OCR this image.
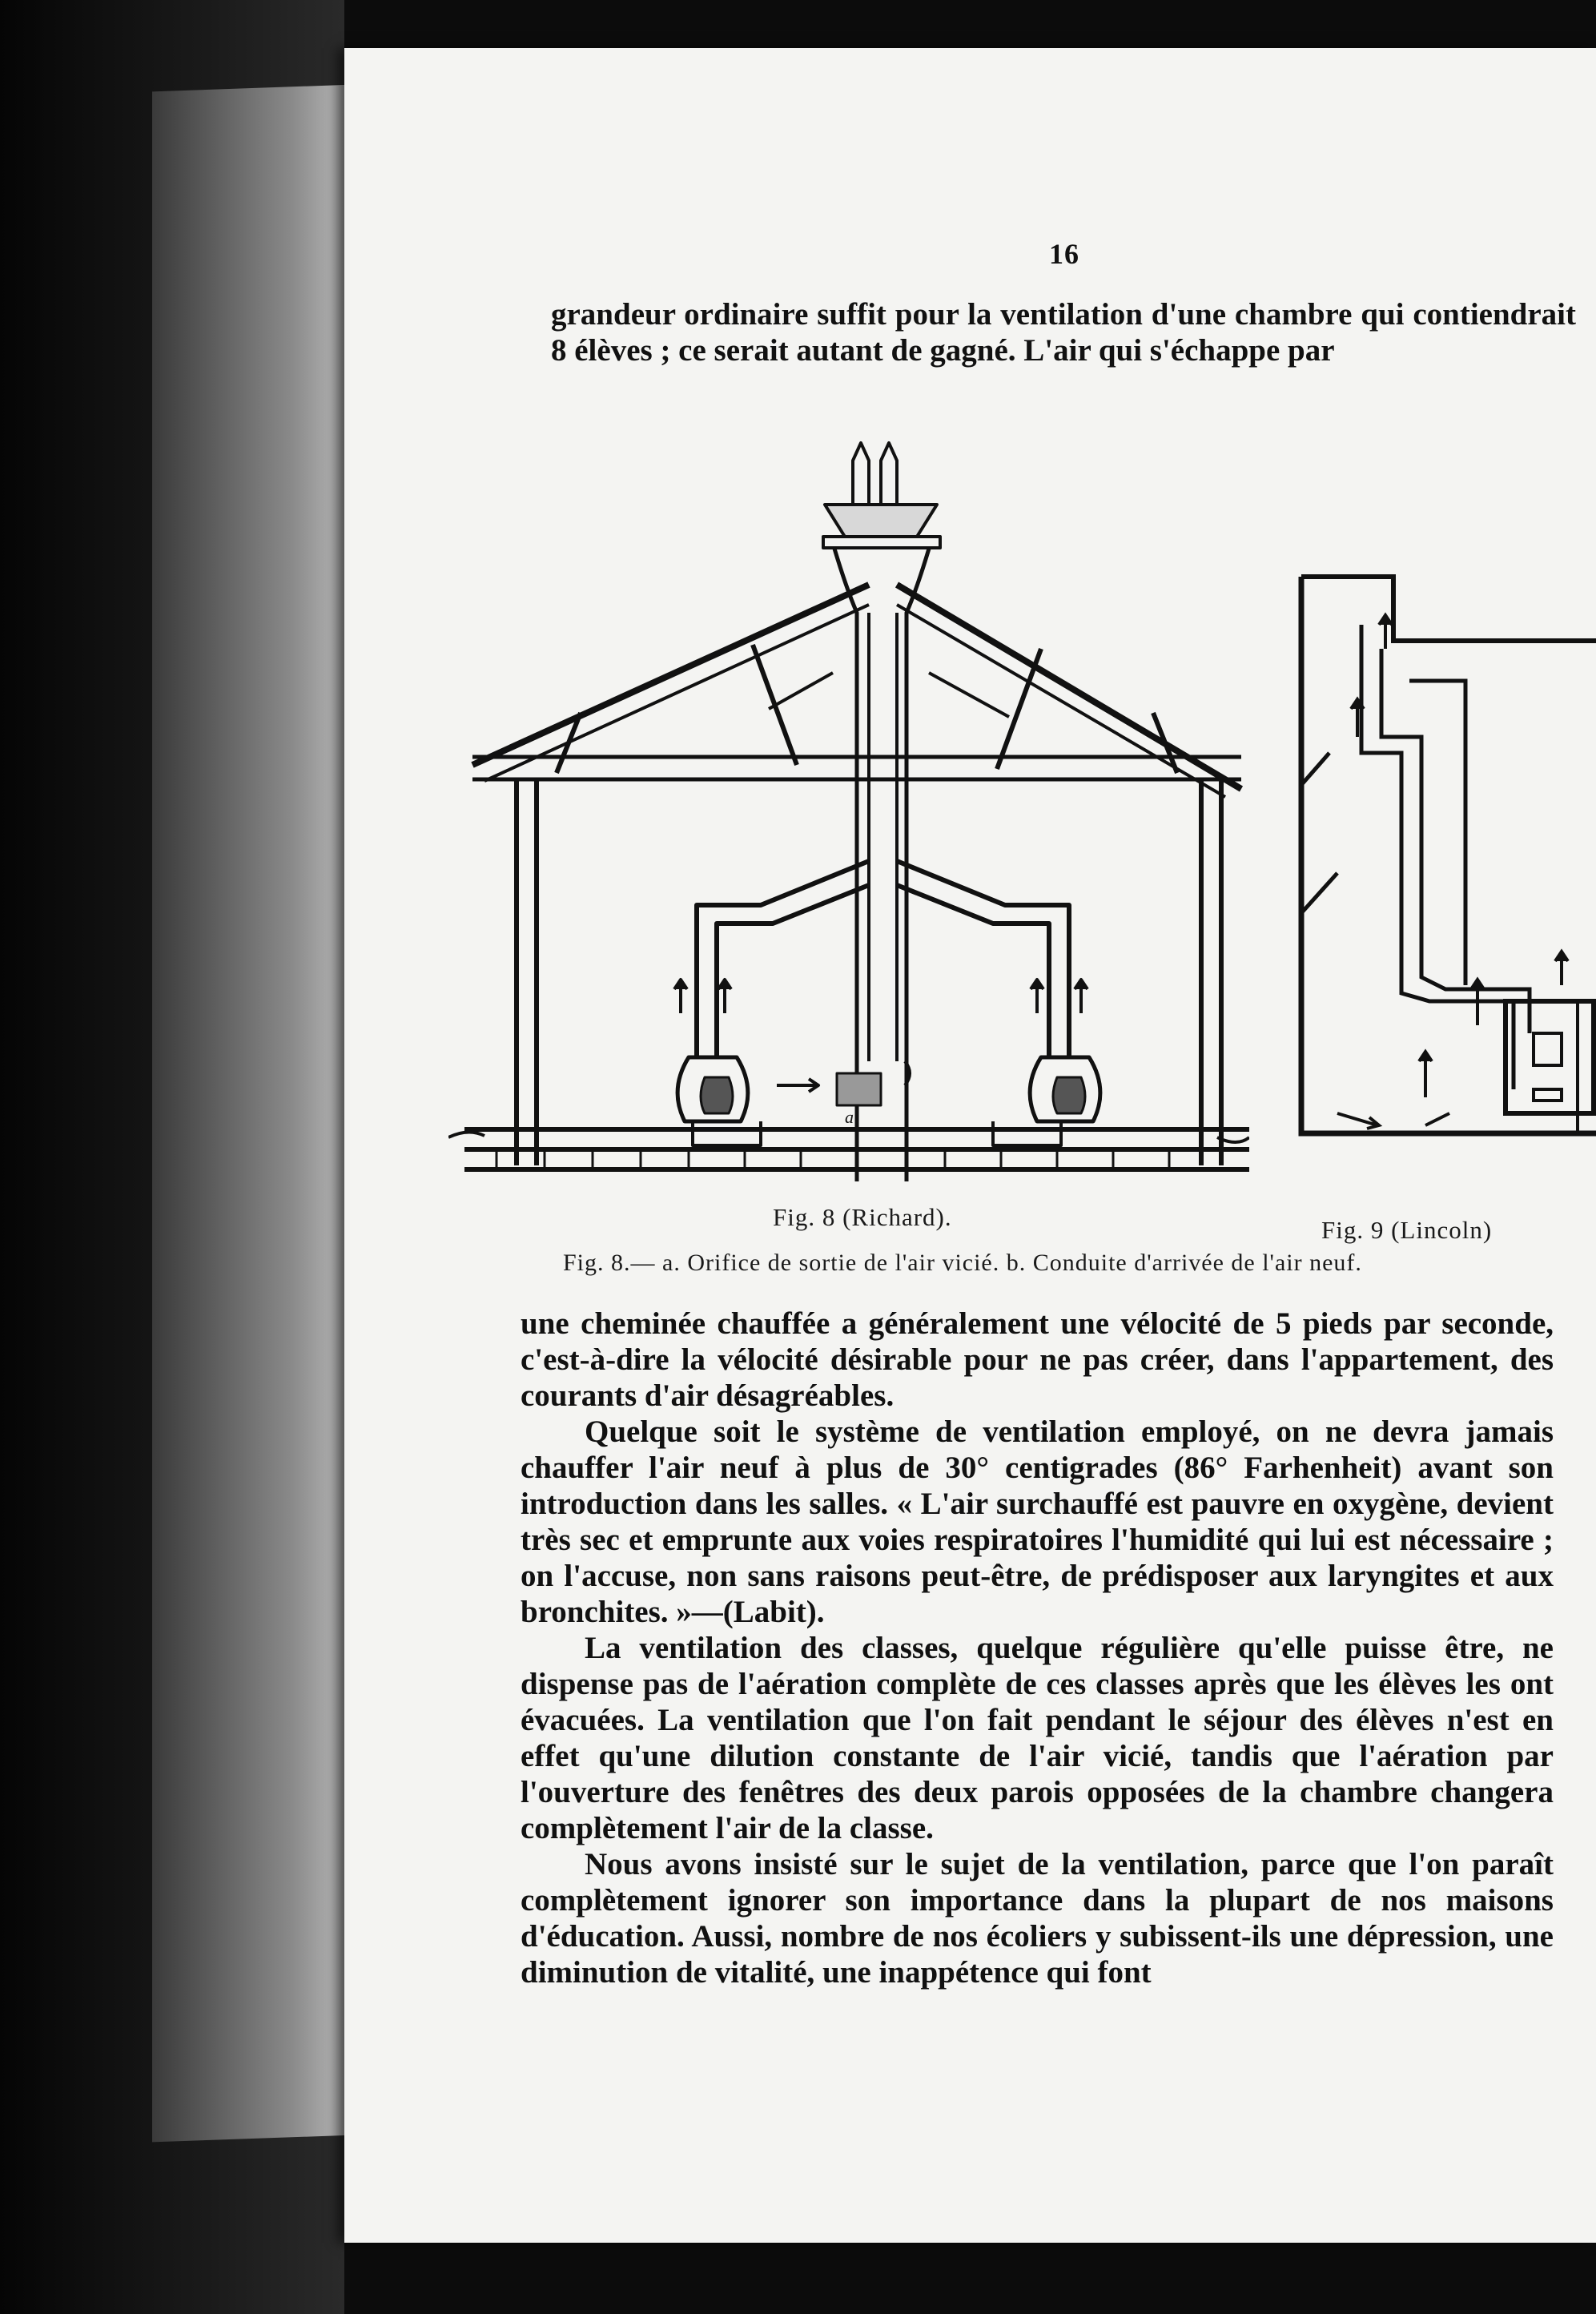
16

grandeur ordinaire suffit pour la ventilation d'une chambre qui contiendrait 8 élèves ; ce serait autant de gagné. L'air qui s'échappe par

a
Fig. 8 (Richard).	Fig. 9 (Lincoln)
Fig. 8.— a. Orifice de sortie de l'air vicié. b. Conduite d'arrivée de l'air neuf.

une cheminée chauffée a généralement une vélocité de 5 pieds par seconde, c'est-à-dire la vélocité désirable pour ne pas créer, dans l'appartement, des courants d'air désagréables.

Quelque soit le système de ventilation employé, on ne devra jamais chauffer l'air neuf à plus de 30° centigrades (86° Farhenheit) avant son introduction dans les salles. « L'air surchauffé est pauvre en oxygène, devient très sec et emprunte aux voies respiratoires l'humidité qui lui est nécessaire ; on l'accuse, non sans raisons peut-être, de prédisposer aux laryngites et aux bronchites. »—(Labit).

La ventilation des classes, quelque régulière qu'elle puisse être, ne dispense pas de l'aération complète de ces classes après que les élèves les ont évacuées. La ventilation que l'on fait pendant le séjour des élèves n'est en effet qu'une dilution constante de l'air vicié, tandis que l'aération par l'ouverture des fenêtres des deux parois opposées de la chambre changera complètement l'air de la classe.

Nous avons insisté sur le sujet de la ventilation, parce que l'on paraît complètement ignorer son importance dans la plupart de nos maisons d'éducation. Aussi, nombre de nos écoliers y subissent-ils une dépression, une diminution de vitalité, une inappétence qui font
